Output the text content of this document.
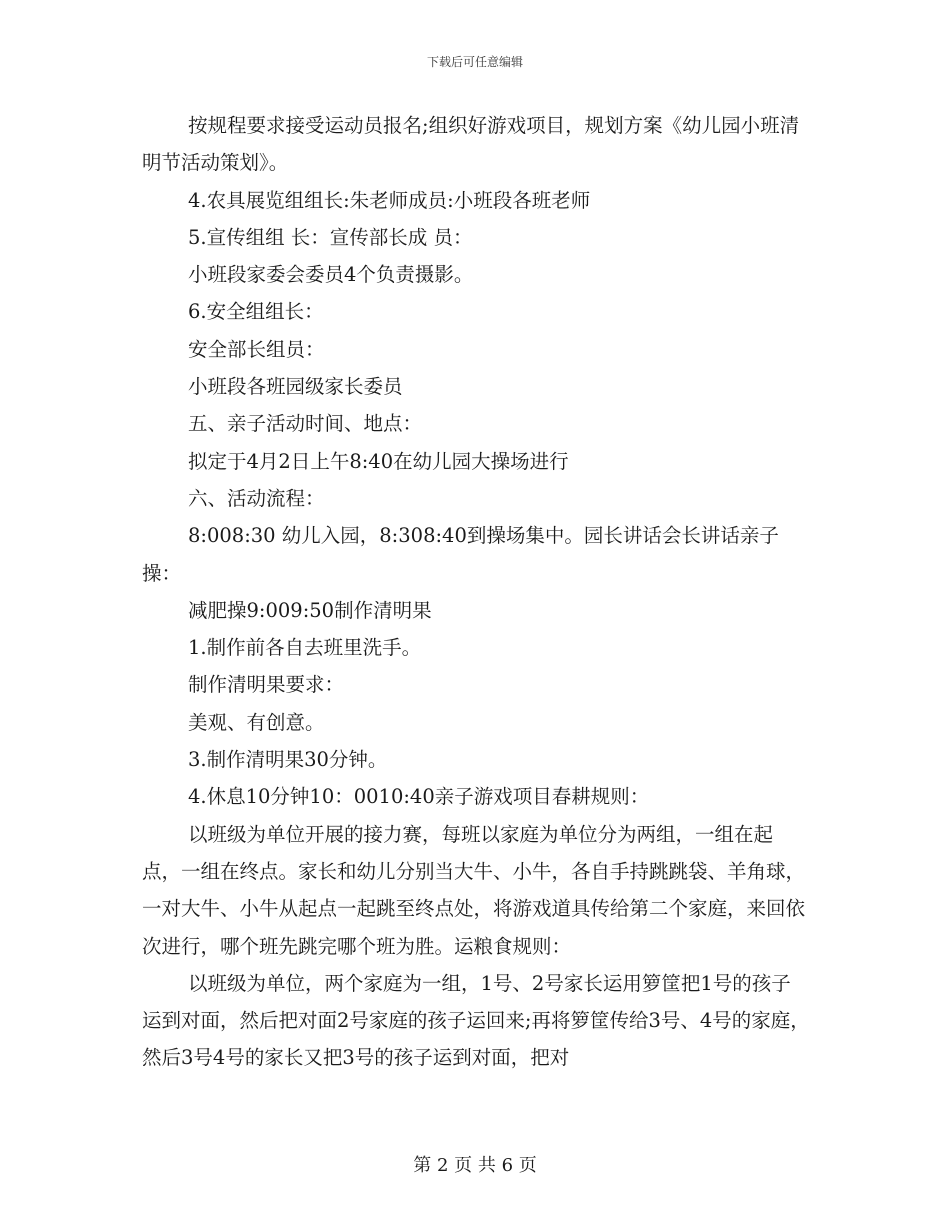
下载后可任意编辑

按规程要求接受运动员报名;组织好游戏项目，规划方案《幼儿园小班清明节活动策划》。

4.农具展览组组长:朱老师成员:小班段各班老师

5.宣传组组 长：宣传部长成 员：

小班段家委会委员4个负责摄影。

6.安全组组长：

安全部长组员：

小班段各班园级家长委员

五、亲子活动时间、地点：

拟定于4月2日上午8:40在幼儿园大操场进行

六、活动流程：

8:008:30 幼儿入园，8:308:40到操场集中。园长讲话会长讲话亲子操：

减肥操9:009:50制作清明果

1.制作前各自去班里洗手。

制作清明果要求：

美观、有创意。

3.制作清明果30分钟。

4.休息10分钟10：0010:40亲子游戏项目春耕规则：

以班级为单位开展的接力赛，每班以家庭为单位分为两组，一组在起点，一组在终点。家长和幼儿分别当大牛、小牛，各自手持跳跳袋、羊角球，一对大牛、小牛从起点一起跳至终点处，将游戏道具传给第二个家庭，来回依次进行，哪个班先跳完哪个班为胜。运粮食规则：

以班级为单位，两个家庭为一组，1号、2号家长运用箩筐把1号的孩子运到对面，然后把对面2号家庭的孩子运回来;再将箩筐传给3号、4号的家庭，然后3号4号的家长又把3号的孩子运到对面，把对

第 2 页 共 6 页
